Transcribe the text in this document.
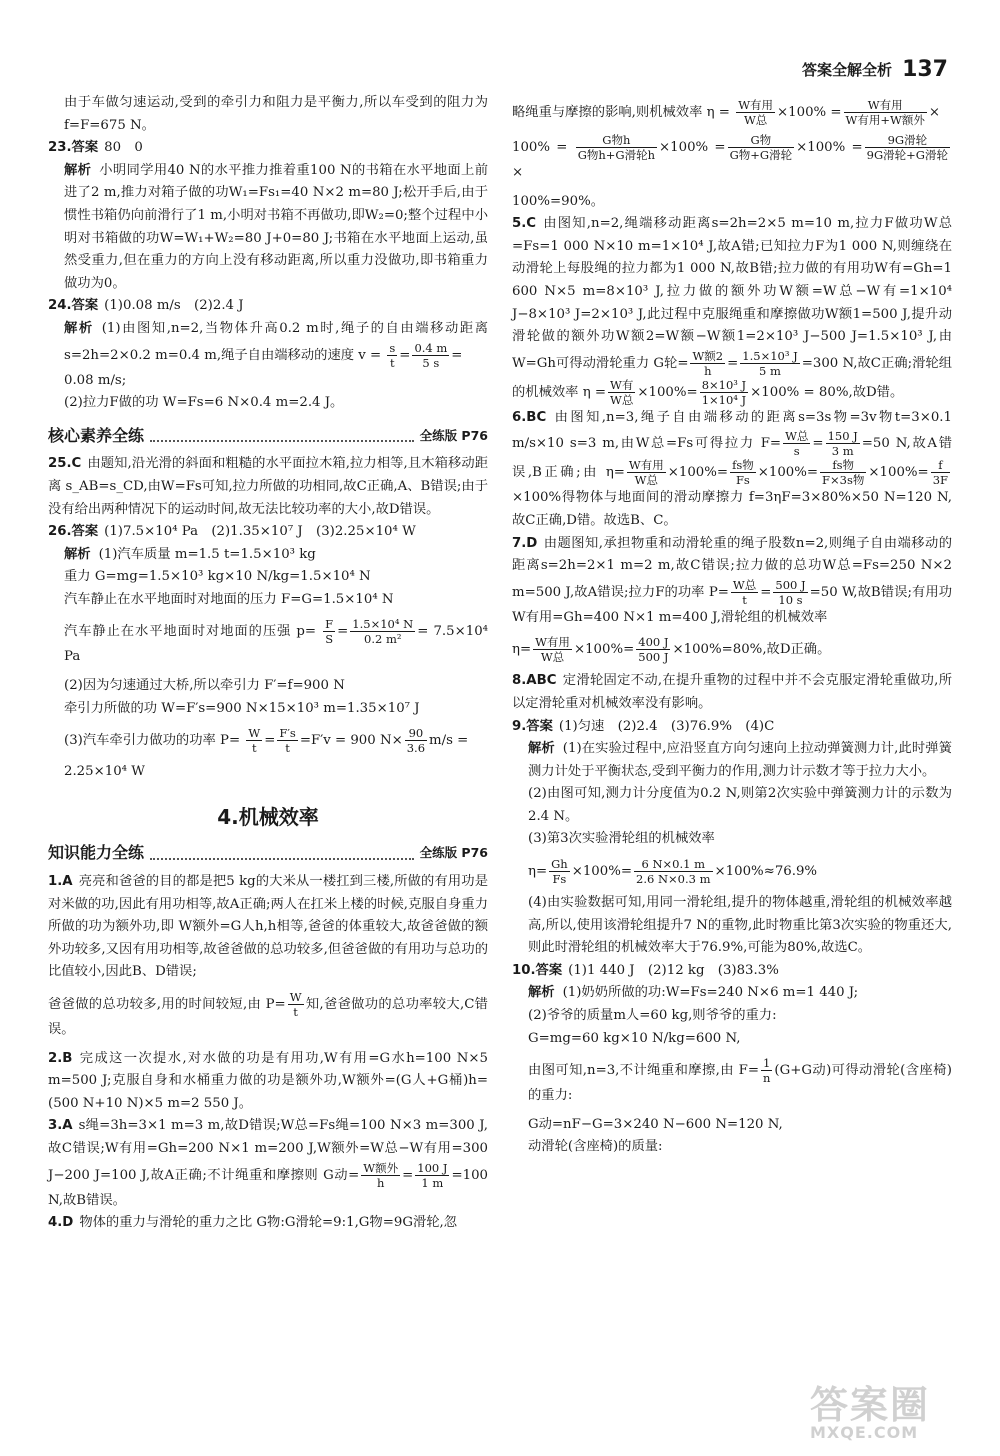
答案全解全析 137

由于车做匀速运动,受到的牵引力和阻力是平衡力,所以车受到的阻力为f=F=675 N。

23.答案 80　0

解析 小明同学用40 N的水平推力推着重100 N的书箱在水平地面上前进了2 m,推力对箱子做的功W₁=Fs₁=40 N×2 m=80 J;松开手后,由于惯性书箱仍向前滑行了1 m,小明对书箱不再做功,即W₂=0;整个过程中小明对书箱做的功W=W₁+W₂=80 J+0=80 J;书箱在水平地面上运动,虽然受重力,但在重力的方向上没有移动距离,所以重力没做功,即书箱重力做功为0。

24.答案 (1)0.08 m/s　(2)2.4 J

解析 (1)由图知,n=2,当物体升高0.2 m时,绳子的自由端移动距离s=2h=2×0.2 m=0.4 m,绳子自由端移动的速度 $v = \frac{s}{t} = \frac{0.4 m}{5 s}$ =

0.08 m/s;

(2)拉力F做的功 W=Fs=6 N×0.4 m=2.4 J。

核心素养全练	全练版 P76

25.C 由题知,沿光滑的斜面和粗糙的水平面拉木箱,拉力相等,且木箱移动距离 s_AB=s_CD,由W=Fs可知,拉力所做的功相同,故C正确,A、B错误;由于没有给出两种情况下的运动时间,故无法比较功率的大小,故D错误。

26.答案 (1)7.5×10⁴ Pa　(2)1.35×10⁷ J　(3)2.25×10⁴ W

解析 (1)汽车质量 m=1.5 t=1.5×10³ kg

重力 G=mg=1.5×10³ kg×10 N/kg=1.5×10⁴ N

汽车静止在水平地面时对地面的压力 F=G=1.5×10⁴ N

汽车静止在水平地面时对地面的压强 $p= \frac{F}{S} = \frac{\text{1.5×10⁴ N}}{\text{0.2 m²}} = 7.5\times 10^4$ Pa

(2)因为匀速通过大桥,所以牵引力 F′=f=900 N

牵引力所做的功 W=F′s=900 N×15×10³ m=1.35×10⁷ J

(3)汽车牵引力做功的功率 $P= \frac{W}{t} = \frac{F's}{t} =F'v = 900$ $N\times \frac{90}{3.6} m/s$ =

2.25×10⁴ W

4.机械效率
知识能力全练	全练版 P76

1.A 亮亮和爸爸的目的都是把5 kg的大米从一楼扛到三楼,所做的有用功是对米做的功,因此有用功相等,故A正确;两人在扛米上楼的时候,克服自身重力所做的功为额外功,即 W额外=G人h,h相等,爸爸的体重较大,故爸爸做的额外功较多,又因有用功相等,故爸爸做的总功较多,但爸爸做的有用功与总功的比值较小,因此B、D错误;

爸爸做的总功较多,用的时间较短,由 $P= \frac{W}{t}$ 知,爸爸做功的总功率较大,C错误。

2.B 完成这一次提水,对水做的功是有用功,W有用=G水h=100 N×5 m=500 J;克服自身和水桶重力做的功是额外功,W额外=(G人+G桶)h=(500 N+10 N)×5 m=2 550 J。

3.A s绳=3h=3×1 m=3 m,故D错误;W总=Fs绳=100 N×3 m=300 J,故C错误;W有用=Gh=200 N×1 m=200 J,W额外=W总−W有用=300 J−200 J=100 J,故A正确;不计绳重和摩擦则 G动= $\frac{\text{W额外}}{h} = \frac{100 J}{1 m} =100$ N,故B错误。

4.D 物体的重力与滑轮的重力之比 G物:G滑轮=9:1,G物=9G滑轮,忽

略绳重与摩擦的影响,则机械效率 $\eta = \frac{\text{W有用}}{\text{W总}} \times 100\% = \frac{\text{W有用}}{\text{W有用+W额外}}$ ×

$100\% = \frac{\text{G物h}}{\text{G物h+G滑轮h}} \times 100\% = \frac{\text{G物}}{\text{G物+G滑轮}} \times 100\% = \frac{\text{9G滑轮}}{\text{9G滑轮+G滑轮}}$
×

100%=90%。

5.C 由图知,n=2,绳端移动距离s=2h=2×5 m=10 m,拉力F做功W总=Fs=1 000 N×10 m=1×10⁴ J,故A错;已知拉力F为1 000 N,则缠绕在动滑轮上每股绳的拉力都为1 000 N,故B错;拉力做的有用功W有=Gh=1 600 N×5 m=8×10³ J,拉力做的额外功W额=W总−W有=1×10⁴ J−8×10³ J=2×10³ J,此过程中克服绳重和摩擦做功W额1=500 J,提升动滑轮做的额外功W额2=W额−W额1=2×10³ J−500 J=1.5×10³ J,由W=Gh可得动滑轮重力 G轮= $\frac{\text{W额2}}{h} = \frac{\text{1.5×10³ J}}{5 m} =300$ N,故C正确;滑轮组的机械效率 $\eta = \frac{\text{W有}}{\text{W总}} \times 100\%= \frac{\text{8×10³ J}}{\text{1×10⁴ J}} \times 100\% = 80\%$,故D错。

6.BC 由图知,n=3,绳子自由端移动的距离s=3s物=3v物t=3×0.1 m/s×10 s=3 m,由W总=Fs可得拉力 $F= \frac{\text{W总}}{s} = \frac{150 J}{3 m} =50$ N,故A错误,B正确;由 $\eta= \frac{\text{W有用}}{\text{W总}} \times 100\%= \frac{\text{fs物}}{Fs} \times 100\%= \frac{\text{fs物}}{\text{F×3s物}} \times 100\%= \frac{f}{3F}$
×100%得物体与地面间的滑动摩擦力 f=3ηF=3×80%×50 N=120 N,故C正确,D错。故选B、C。

7.D 由题图知,承担物重和动滑轮重的绳子股数n=2,则绳子自由端移动的距离s=2h=2×1 m=2 m,故C错误;拉力做的总功W总=Fs=250 N×2 m=500 J,故A错误;拉力F的功率 $P= \frac{\text{W总}}{t} = \frac{500 J}{10 s} =50$ W,故B错误;有用功W有用=Gh=400 N×1 m=400 J,滑轮组的机械效率

$\eta= \frac{\text{W有用}}{\text{W总}} \times 100\%= \frac{400 J}{500 J} \times 100\%=80\%$,故D正确。

8.ABC 定滑轮固定不动,在提升重物的过程中并不会克服定滑轮重做功,所以定滑轮重对机械效率没有影响。

9.答案 (1)匀速　(2)2.4　(3)76.9%　(4)C

解析 (1)在实验过程中,应沿竖直方向匀速向上拉动弹簧测力计,此时弹簧测力计处于平衡状态,受到平衡力的作用,测力计示数才等于拉力大小。

(2)由图可知,测力计分度值为0.2 N,则第2次实验中弹簧测力计的示数为2.4 N。

(3)第3次实验滑轮组的机械效率

$\eta= \frac{Gh}{Fs} \times 100\%= \frac{6 N\times 0.1 m}{2.6 N\times 0.3 m} \times 100\%\approx 76.9\%$

(4)由实验数据可知,用同一滑轮组,提升的物体越重,滑轮组的机械效率越高,所以,使用该滑轮组提升7 N的重物,此时物重比第3次实验的物重还大,则此时滑轮组的机械效率大于76.9%,可能为80%,故选C。

10.答案 (1)1 440 J　(2)12 kg　(3)83.3%

解析 (1)奶奶所做的功:W=Fs=240 N×6 m=1 440 J;

(2)爷爷的质量m人=60 kg,则爷爷的重力:

G=mg=60 kg×10 N/kg=600 N,

由图可知,n=3,不计绳重和摩擦,由 $F= \frac{1}{n} (G+G$动)可得动滑轮(含座椅)的重力:

G动=nF−G=3×240 N−600 N=120 N,

动滑轮(含座椅)的质量:

答案圈
MXQE.COM
